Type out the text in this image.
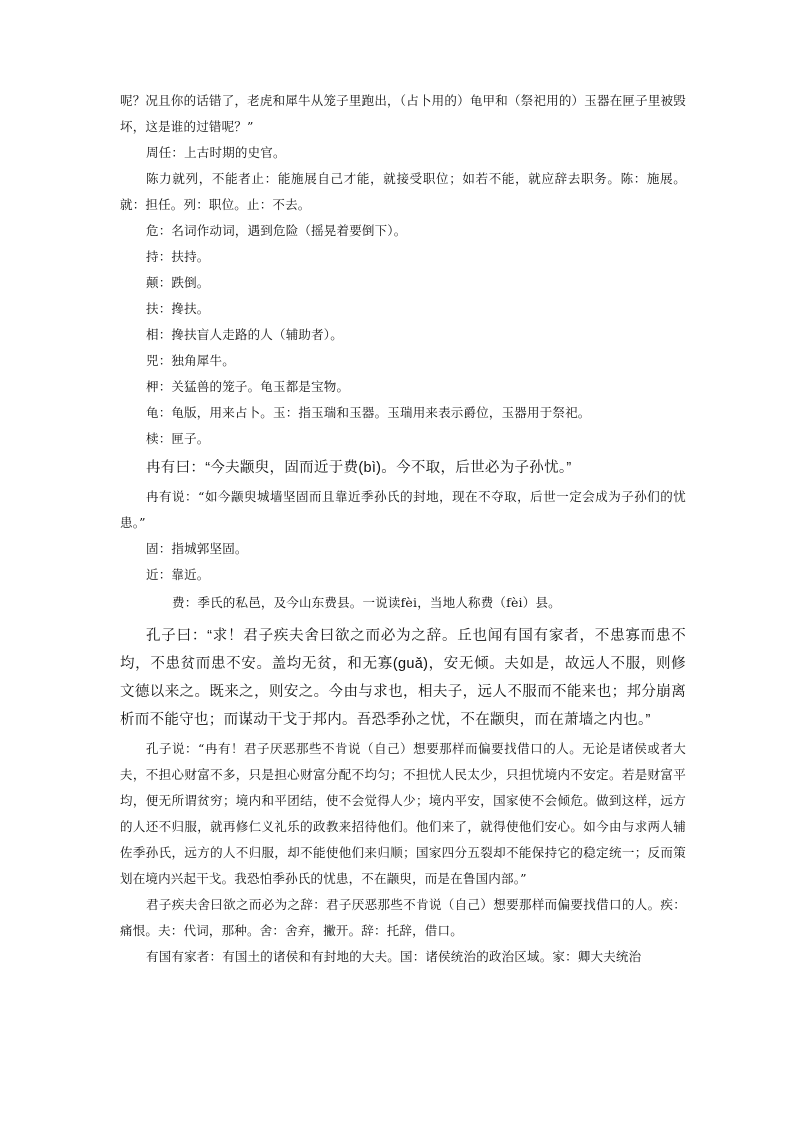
呢？况且你的话错了，老虎和犀牛从笼子里跑出，（占卜用的）龟甲和（祭祀用的）玉器在匣子里被毁坏，这是谁的过错呢？”

周任：上古时期的史官。

陈力就列，不能者止：能施展自己才能，就接受职位；如若不能，就应辞去职务。陈：施展。就：担任。列：职位。止：不去。

危：名词作动词，遇到危险（摇晃着要倒下）。

持：扶持。

颠：跌倒。

扶：搀扶。

相：搀扶盲人走路的人（辅助者）。

兕：独角犀牛。

柙：关猛兽的笼子。龟玉都是宝物。

龟：龟版，用来占卜。玉：指玉瑞和玉器。玉瑞用来表示爵位，玉器用于祭祀。

椟：匣子。

冉有曰：“今夫颛臾，固而近于费(bì)。今不取，后世必为子孙忧。”

冉有说：“如今颛臾城墙坚固而且靠近季孙氏的封地，现在不夺取，后世一定会成为子孙们的忧患。”

固：指城郭坚固。

近：靠近。

费：季氏的私邑，及今山东费县。一说读fèi，当地人称费（fèi）县。

孔子曰：“求！君子疾夫舍曰欲之而必为之辞。丘也闻有国有家者，不患寡而患不均，不患贫而患不安。盖均无贫，和无寡(guǎ)，安无倾。夫如是，故远人不服，则修文德以来之。既来之，则安之。今由与求也，相夫子，远人不服而不能来也；邦分崩离析而不能守也；而谋动干戈于邦内。吾恐季孙之忧，不在颛臾，而在萧墙之内也。”

孔子说：“冉有！君子厌恶那些不肯说（自己）想要那样而偏要找借口的人。无论是诸侯或者大夫，不担心财富不多，只是担心财富分配不均匀；不担忧人民太少，只担忧境内不安定。若是财富平均，便无所谓贫穷；境内和平团结，使不会觉得人少；境内平安，国家使不会倾危。做到这样，远方的人还不归服，就再修仁义礼乐的政教来招待他们。他们来了，就得使他们安心。如今由与求两人辅佐季孙氏，远方的人不归服，却不能使他们来归顺；国家四分五裂却不能保持它的稳定统一；反而策划在境内兴起干戈。我恐怕季孙氏的忧患，不在颛臾，而是在鲁国内部。”

君子疾夫舍曰欲之而必为之辞：君子厌恶那些不肯说（自己）想要那样而偏要找借口的人。疾：痛恨。夫：代词，那种。舍：舍弃，撇开。辞：托辞，借口。

有国有家者：有国土的诸侯和有封地的大夫。国：诸侯统治的政治区域。家：卿大夫统治
